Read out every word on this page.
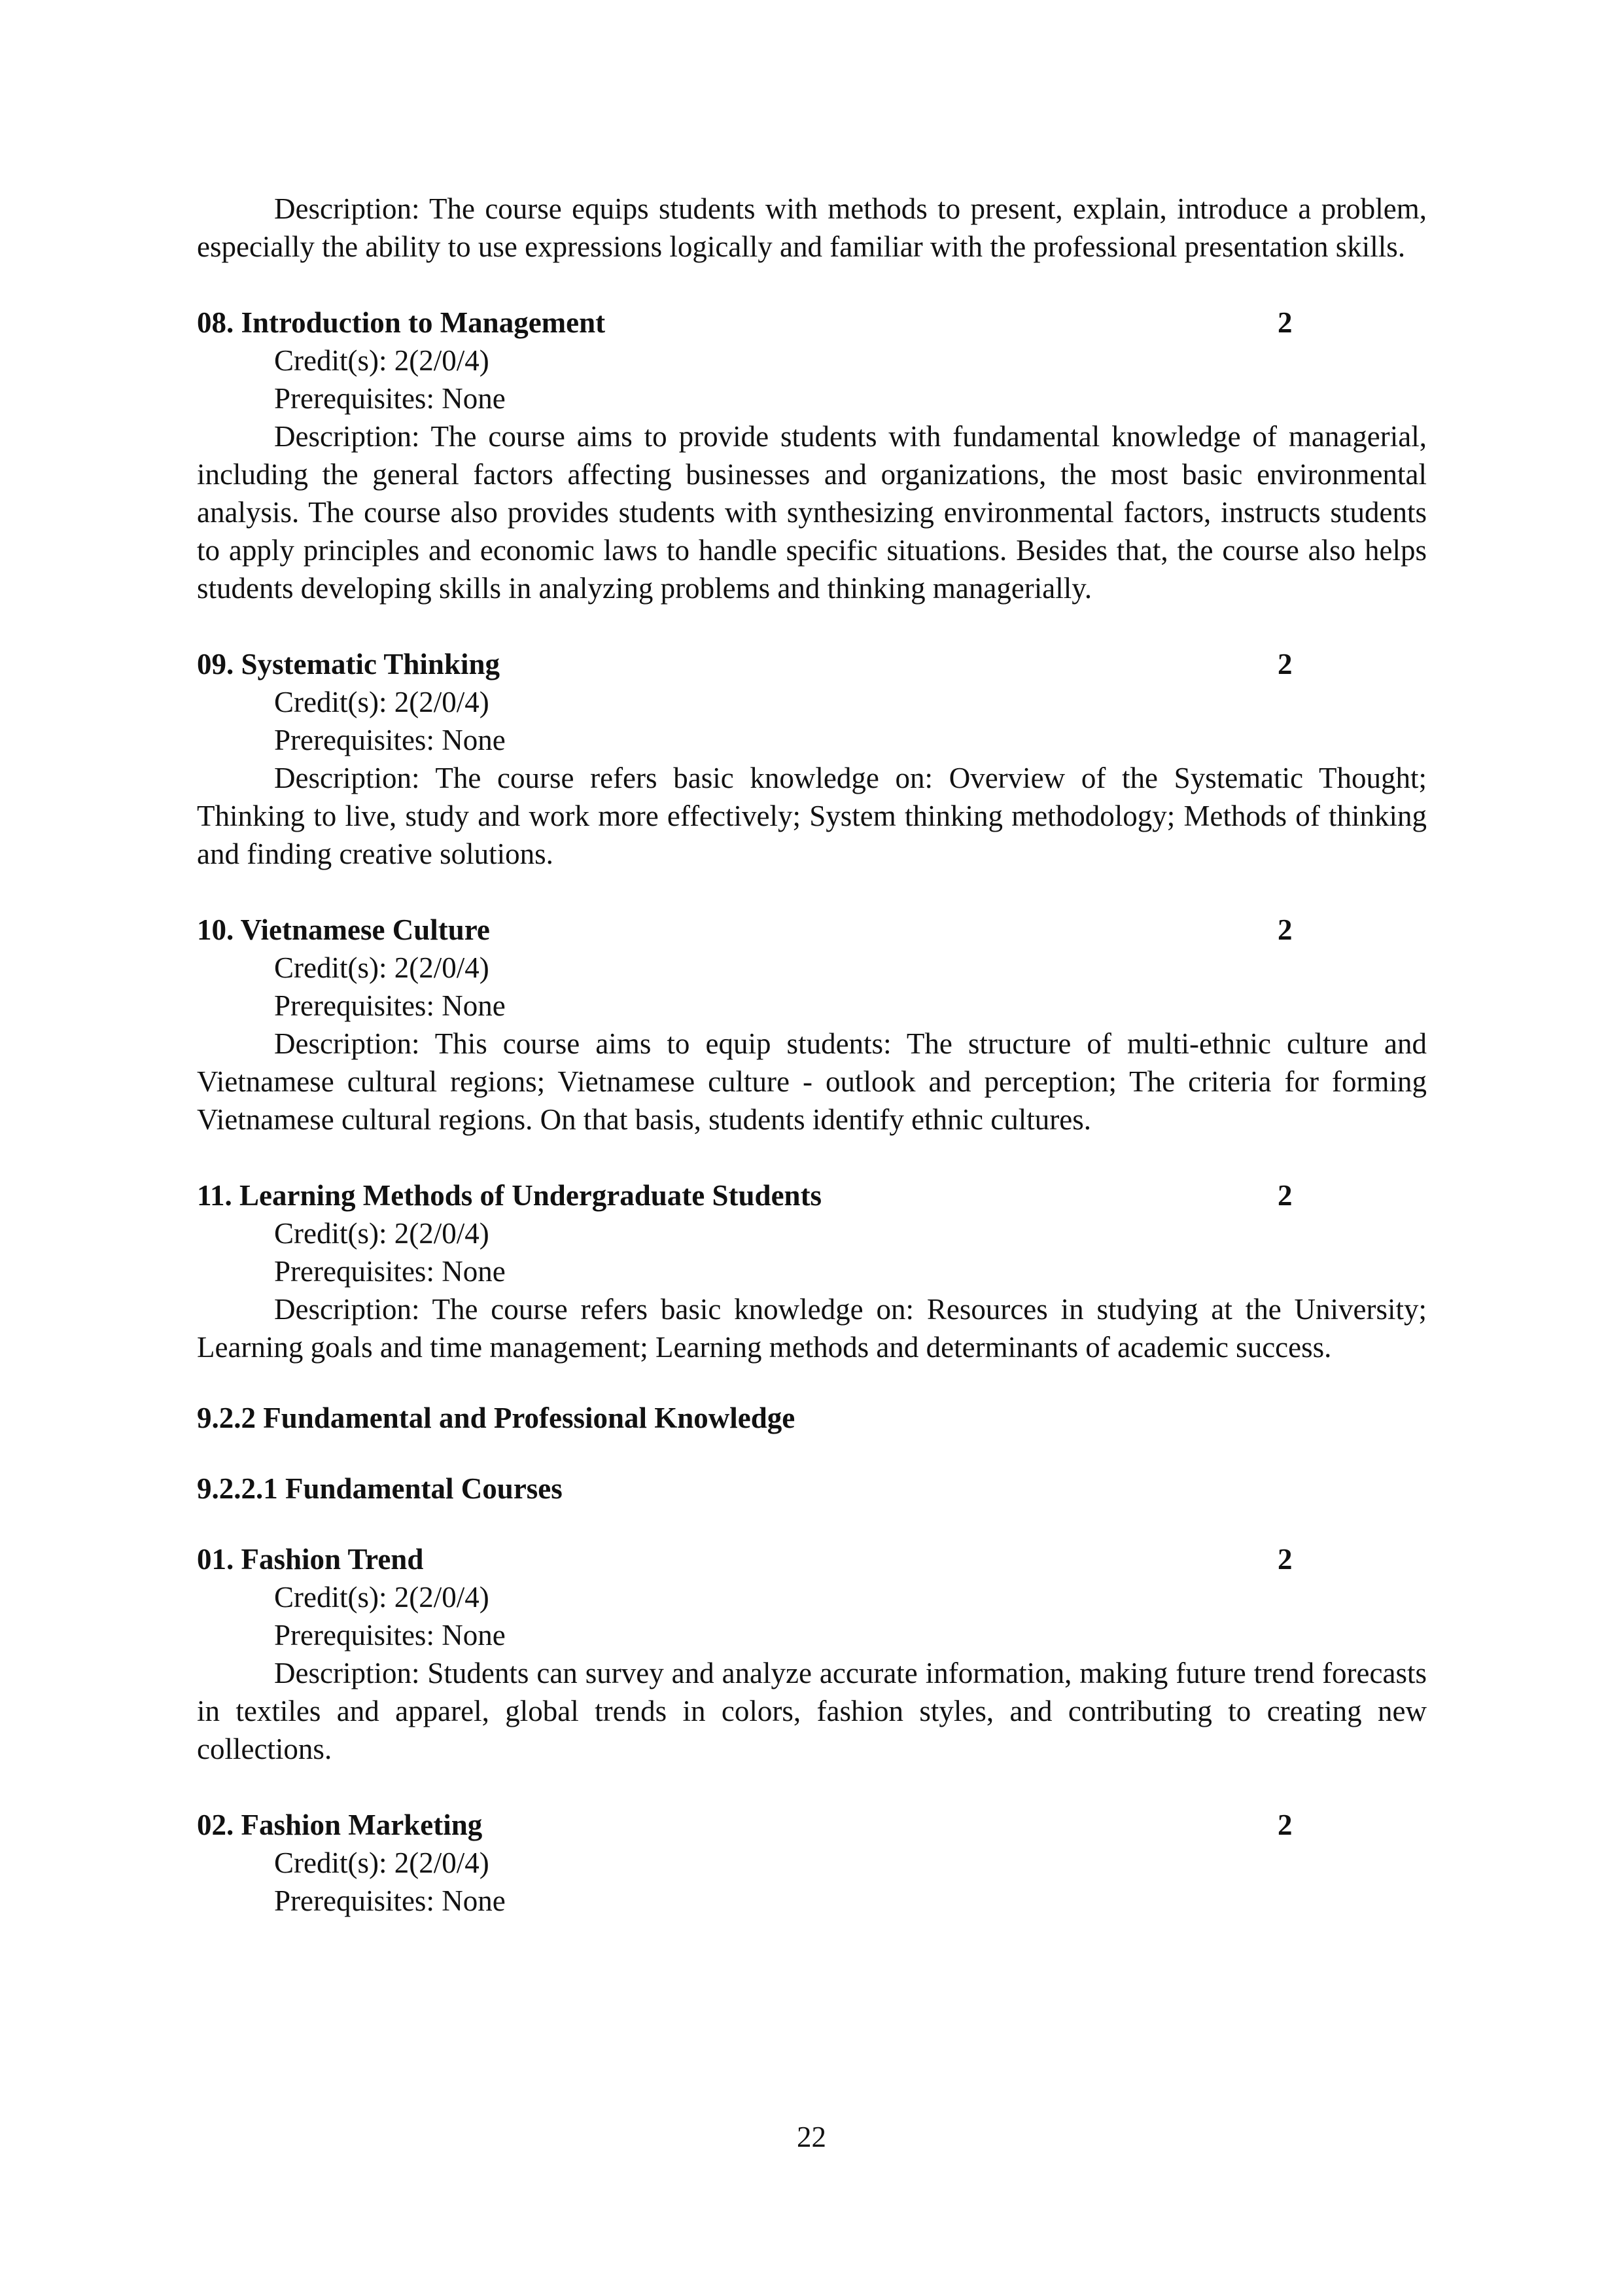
Description: The course equips students with methods to present, explain, introduce a problem, especially the ability to use expressions logically and familiar with the professional presentation skills.

08. Introduction to Management	2

Credit(s): 2(2/0/4)

Prerequisites: None

Description: The course aims to provide students with fundamental knowledge of managerial, including the general factors affecting businesses and organizations, the most basic environmental analysis. The course also provides students with synthesizing environmental factors, instructs students to apply principles and economic laws to handle specific situations. Besides that, the course also helps students developing skills in analyzing problems and thinking managerially.

09. Systematic Thinking	2

Credit(s): 2(2/0/4)

Prerequisites: None

Description: The course refers basic knowledge on: Overview of the Systematic Thought; Thinking to live, study and work more effectively; System thinking methodology; Methods of thinking and finding creative solutions.

10. Vietnamese Culture	2

Credit(s): 2(2/0/4)

Prerequisites: None

Description: This course aims to equip students: The structure of multi-ethnic culture and Vietnamese cultural regions; Vietnamese culture - outlook and perception; The criteria for forming Vietnamese cultural regions. On that basis, students identify ethnic cultures.

11. Learning Methods of Undergraduate Students	2

Credit(s): 2(2/0/4)

Prerequisites: None

Description: The course refers basic knowledge on: Resources in studying at the University; Learning goals and time management; Learning methods and determinants of academic success.

9.2.2 Fundamental and Professional Knowledge

9.2.2.1 Fundamental Courses

01. Fashion Trend	2

Credit(s): 2(2/0/4)

Prerequisites: None

Description: Students can survey and analyze accurate information, making future trend forecasts in textiles and apparel, global trends in colors, fashion styles, and contributing to creating new collections.

02. Fashion Marketing	2

Credit(s): 2(2/0/4)

Prerequisites: None

22
